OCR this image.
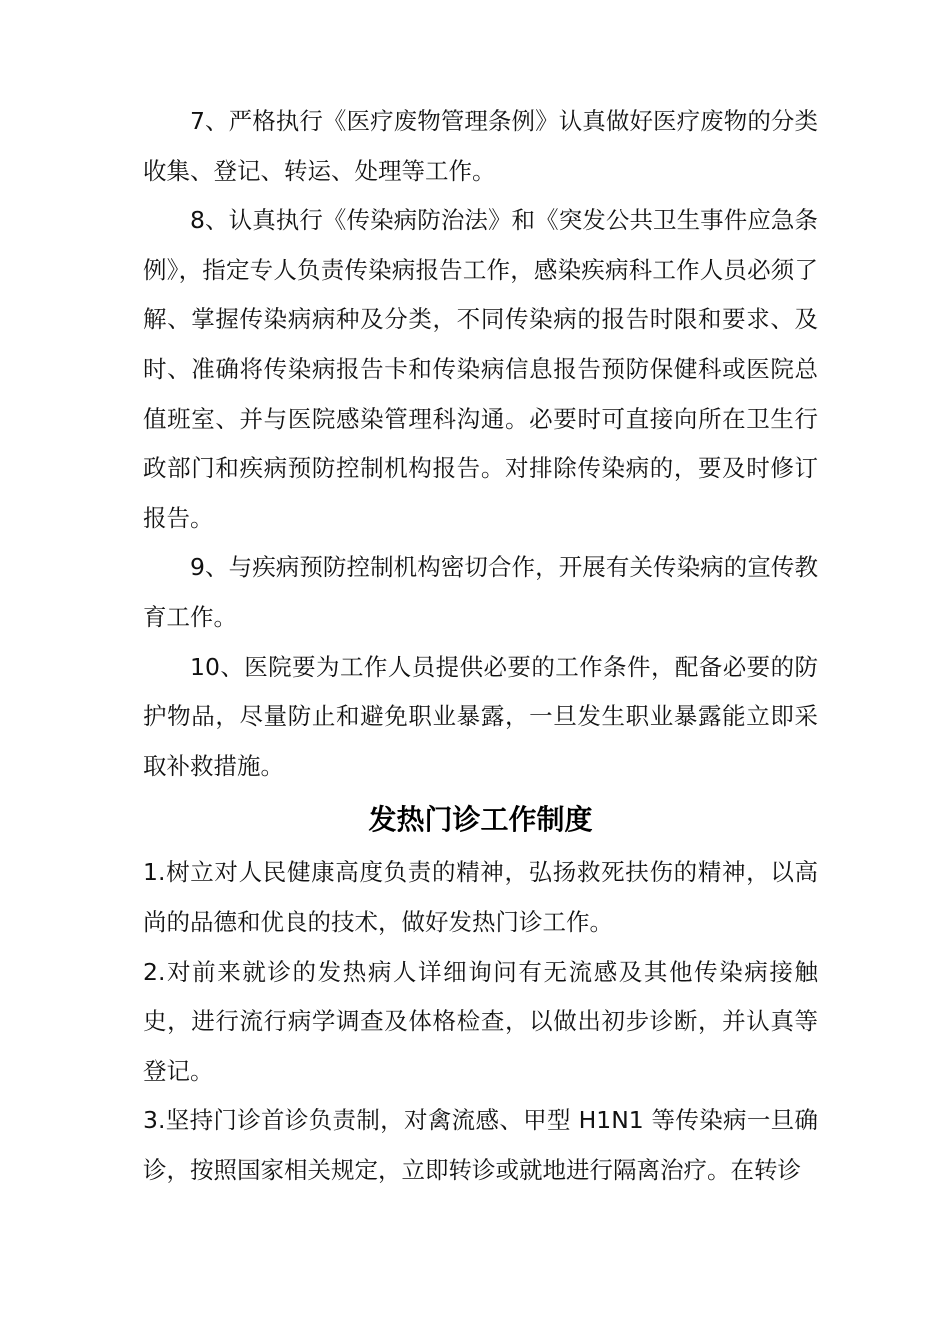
7、严格执行《医疗废物管理条例》认真做好医疗废物的分类收集、登记、转运、处理等工作。

8、认真执行《传染病防治法》和《突发公共卫生事件应急条例》，指定专人负责传染病报告工作，感染疾病科工作人员必须了解、掌握传染病病种及分类，不同传染病的报告时限和要求、及时、准确将传染病报告卡和传染病信息报告预防保健科或医院总值班室、并与医院感染管理科沟通。必要时可直接向所在卫生行政部门和疾病预防控制机构报告。对排除传染病的，要及时修订报告。

9、与疾病预防控制机构密切合作，开展有关传染病的宣传教育工作。

10、医院要为工作人员提供必要的工作条件，配备必要的防护物品，尽量防止和避免职业暴露，一旦发生职业暴露能立即采取补救措施。

发热门诊工作制度

1.树立对人民健康高度负责的精神，弘扬救死扶伤的精神，以高尚的品德和优良的技术，做好发热门诊工作。

2.对前来就诊的发热病人详细询问有无流感及其他传染病接触史，进行流行病学调查及体格检查，以做出初步诊断，并认真等登记。

3.坚持门诊首诊负责制，对禽流感、甲型 H1N1 等传染病一旦确诊，按照国家相关规定，立即转诊或就地进行隔离治疗。在转诊
